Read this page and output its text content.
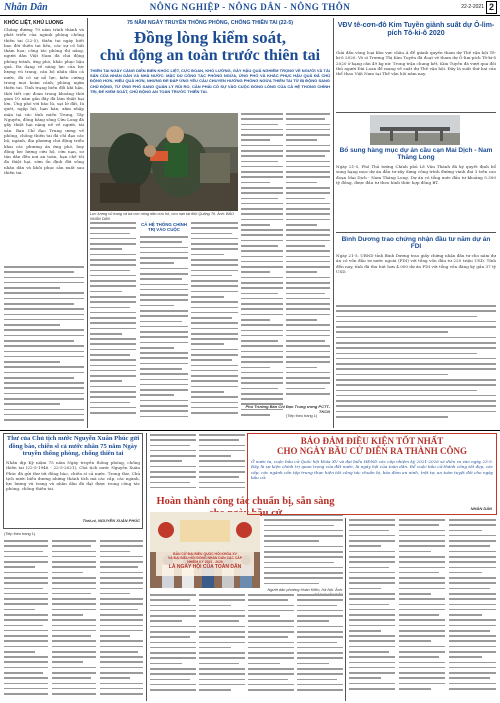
Nhân Dân	NÔNG NGHIỆP - NÔNG DÂN - NÔNG THÔN	22-2-2021 2
KHÓC LIỆT, KHÚ LUONG
Chúng đường 70 năm trình thành và phát triển của ngành phòng chống thiên tai (22-5), thiên tai ngày biết bao đời thiên tai liền, các sự cố bất thảm họa; công tác phòng thì nắng, người dân Việt Nam đã chủ động phòng tránh, ứng phó, khắc phục hậu quả. Đa dạng về năng lực của lực lượng vũ trang, cán bộ nhân dân cả nước, đã có sự nỗ lực, kiên cường trong mọi hoàn cảnh, phòng ngừa thiên tai. Tình trạng biến đổi khí hậu, thời tiết cực đoan trong khoảng thời gian 10 năm gần đây đã làm thiệt hại lớn. Ứng phó với bão lũ, sạt lở đất, lũ quét, ngập lụt, hạn hán, xâm nhập mặn tại các tỉnh miền Trung, Tây Nguyên, đồng bằng sông Cửu Long đã gây thiệt hại nặng nề về người, tài sản. Ban Chỉ đạo Trung ương về phòng, chống thiên tai đã chỉ đạo các bộ, ngành, địa phương chủ động triển khai các phương án ứng phó, huy động lực lượng cứu hộ, cứu nạn, sơ tán dân đến nơi an toàn, hạn chế tối đa thiệt hại, sớm ổn định đời sống nhân dân và khôi phục sản xuất sau thiên tai.
75 NĂM NGÀY TRUYỀN THỐNG PHÒNG, CHỐNG THIÊN TAI (22-5)
Đồng lòng kiểm soát,
chủ động an toàn trước thiên tai
THIÊN TAI NGÀY CÀNG DIỄN BIẾN KHỐC LIỆT, CỰC ĐOAN, KHÓ LƯỜNG, GÂY HẬU QUẢ NGHIÊM TRỌNG VỀ NGƯỜI VÀ TÀI SẢN CỦA NHÂN DÂN VÀ NHÀ NƯỚC. MẶC DÙ CÔNG TÁC PHÒNG NGỪA, ỨNG PHÓ VÀ KHẮC PHỤC HẬU QUẢ ĐÃ CHỦ ĐỘNG HƠN, HIỆU QUẢ HƠN, NHƯNG ĐỂ ĐÁP ỨNG YÊU CẦU CHUYỂN HƯỚNG PHÒNG NGỪA THIÊN TAI TỪ BỊ ĐỘNG SANG CHỦ ĐỘNG, TỪ ỨNG PHÓ SANG QUẢN LÝ RỦI RO, CẦN PHẢI CÓ SỰ VÀO CUỘC ĐỒNG LÒNG CỦA CẢ HỆ THỐNG CHÍNH TRỊ, ĐỂ KIỂM SOÁT, CHỦ ĐỘNG AN TOÀN TRƯỚC THIÊN TAI.
Lực lượng vũ trang và bà con nông dân cứu hộ, cứu nạn tại tỉnh Quảng Trị. Ảnh: BÁO NHÂN DÂN
CẢ HỆ THỐNG CHÍNH TRỊ VÀO CUỘC
Phú Trường Bản Chi Đạo Trung ương PCTT-TKCN
(Tiếp theo trang 1)
VĐV tê-cơn-đô Kim Tuyền giành suất dự Ô-lim-pích Tô-ki-ô 2020
Giải đấu vòng loại khu vực châu Á để giành quyền tham dự Thế vận hội Tô-ki-ô 2020. Võ sĩ Trương Thị Kim Tuyền đã đoạt vé tham dự Ô-lim-pích Tô-ki-ô 2020 ở hạng cân 49 kg nữ. Trong trận chung kết, Kim Tuyền đã vượt qua đối thủ người Đài Loan để mang về suất dự Thế vận hội. Đây là suất thứ hai của thể thao Việt Nam tại Thế vận hội năm nay.
Bổ sung hàng mục dự án cầu cạn Mai Dịch - Nam Thăng Long
Ngày 21-5, Phó Thủ tướng Chính phủ Lê Văn Thành đã ký quyết định bổ sung hạng mục dự án đầu tư xây dựng công trình đường vành đai 3 trên cao đoạn Mai Dịch - Nam Thăng Long. Dự án có tổng mức đầu tư khoảng 5.300 tỷ đồng, được đầu tư theo hình thức hợp đồng BT.
Bình Dương trao chứng nhận đầu tư năm dự án FDI
Ngày 21-5, UBND tỉnh Bình Dương trao giấy chứng nhận đầu tư cho năm dự án có vốn đầu tư nước ngoài (FDI) với tổng vốn đầu tư 220 triệu USD. Tính đến nay, tỉnh đã thu hút hơn 4.000 dự án FDI với tổng vốn đăng ký gần 37 tỷ USD.
Thư của Chủ tịch nước Nguyễn Xuân Phúc gửi đồng bào, chiến sĩ cả nước nhân 75 năm Ngày truyền thống phòng, chống thiên tai
Nhân dịp Kỷ niệm 75 năm Ngày truyền thống phòng, chống thiên tai (22-5-1946 - 22-5-2021), Chủ tịch nước Nguyễn Xuân Phúc đã gửi thư tới đồng bào, chiến sĩ cả nước. Trong thư, Chủ tịch nước biểu dương những thành tích mà các cấp, các ngành, lực lượng vũ trang và nhân dân đã đạt được trong công tác phòng, chống thiên tai.
Thái-ni, NGUYỄN XUÂN PHÚC
(Tiếp theo trang 1)
Hoàn thành công tác chuẩn bị, sẵn sàng
BẦU CỬ ĐẠI BIỂU QUỐC HỘI KHÓA XV
VÀ ĐẠI BIỂU HỘI ĐỒNG NHÂN DÂN CÁC CẤP
NHIỆM KỲ 2021 - 2026
LÀ NGÀY HỘI CỦA TOÀN DÂN
Người dân phường Hoàn Kiếm, Hà Nội. Ảnh:
BẢO ĐẢM ĐIỀU KIỆN TỐT NHẤT
CHO NGÀY BẦU CỬ DIỄN RA THÀNH CÔNG
Ở nước ta, cuộc bầu cử Quốc hội khóa XV và đại biểu HĐND các cấp nhiệm kỳ 2021-2026 sẽ diễn ra vào ngày 23-5. Đây là sự kiện chính trị quan trọng của đất nước, là ngày hội của toàn dân. Để cuộc bầu cử thành công tốt đẹp, các cấp, các ngành cần tập trung thực hiện tốt công tác chuẩn bị, bảo đảm an ninh, trật tự, an toàn tuyệt đối cho ngày bầu cử.
NHÂN DÂN
